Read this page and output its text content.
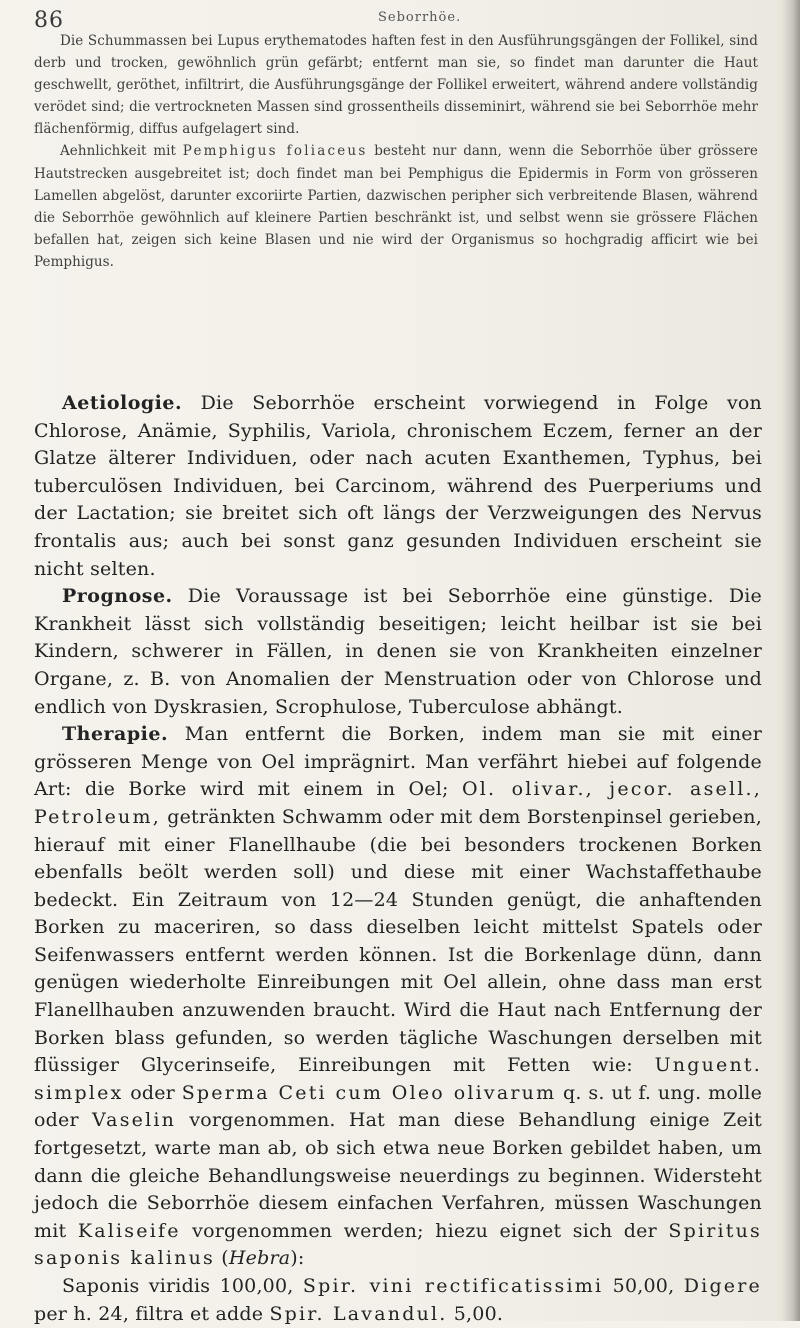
86	Seborrhöe.

Die Schummassen bei Lupus erythematodes haften fest in den Ausführungsgängen der Follikel, sind derb und trocken, gewöhnlich grün gefärbt; entfernt man sie, so findet man darunter die Haut geschwellt, geröthet, infiltrirt, die Ausführungsgänge der Follikel erweitert, während andere vollständig verödet sind; die vertrockneten Massen sind grossentheils disseminirt, während sie bei Seborrhöe mehr flächenförmig, diffus aufgelagert sind.

Aehnlichkeit mit Pemphigus foliaceus besteht nur dann, wenn die Seborrhöe über grössere Hautstrecken ausgebreitet ist; doch findet man bei Pemphigus die Epidermis in Form von grösseren Lamellen abgelöst, darunter excoriirte Partien, dazwischen peripher sich verbreitende Blasen, während die Seborrhöe gewöhnlich auf kleinere Partien beschränkt ist, und selbst wenn sie grössere Flächen befallen hat, zeigen sich keine Blasen und nie wird der Organismus so hochgradig afficirt wie bei Pemphigus.

Aetiologie. Die Seborrhöe erscheint vorwiegend in Folge von Chlorose, Anämie, Syphilis, Variola, chronischem Eczem, ferner an der Glatze älterer Individuen, oder nach acuten Exanthemen, Typhus, bei tuberculösen Individuen, bei Carcinom, während des Puerperiums und der Lactation; sie breitet sich oft längs der Verzweigungen des Nervus frontalis aus; auch bei sonst ganz gesunden Individuen erscheint sie nicht selten.

Prognose. Die Voraussage ist bei Seborrhöe eine günstige. Die Krankheit lässt sich vollständig beseitigen; leicht heilbar ist sie bei Kindern, schwerer in Fällen, in denen sie von Krankheiten einzelner Organe, z. B. von Anomalien der Menstruation oder von Chlorose und endlich von Dyskrasien, Scrophulose, Tuberculose abhängt.

Therapie. Man entfernt die Borken, indem man sie mit einer grösseren Menge von Oel imprägnirt. Man verfährt hiebei auf folgende Art: die Borke wird mit einem in Oel; Ol. olivar., jecor. asell., Petroleum, getränkten Schwamm oder mit dem Borstenpinsel gerieben, hierauf mit einer Flanellhaube (die bei besonders trockenen Borken ebenfalls beölt werden soll) und diese mit einer Wachstaffethaube bedeckt. Ein Zeitraum von 12—24 Stunden genügt, die anhaftenden Borken zu maceriren, so dass dieselben leicht mittelst Spatels oder Seifenwassers entfernt werden können. Ist die Borkenlage dünn, dann genügen wiederholte Einreibungen mit Oel allein, ohne dass man erst Flanellhauben anzuwenden braucht. Wird die Haut nach Entfernung der Borken blass gefunden, so werden tägliche Waschungen derselben mit flüssiger Glycerinseife, Einreibungen mit Fetten wie: Unguent. simplex oder Sperma Ceti cum Oleo olivarum q. s. ut f. ung. molle oder Vaselin vorgenommen. Hat man diese Behandlung einige Zeit fortgesetzt, warte man ab, ob sich etwa neue Borken gebildet haben, um dann die gleiche Behandlungsweise neuerdings zu beginnen. Widersteht jedoch die Seborrhöe diesem einfachen Verfahren, müssen Waschungen mit Kaliseife vorgenommen werden; hiezu eignet sich der Spiritus saponis kalinus (Hebra):

Saponis viridis 100,00, Spir. vini rectificatissimi 50,00, Digere per h. 24, filtra et adde Spir. Lavandul. 5,00.
